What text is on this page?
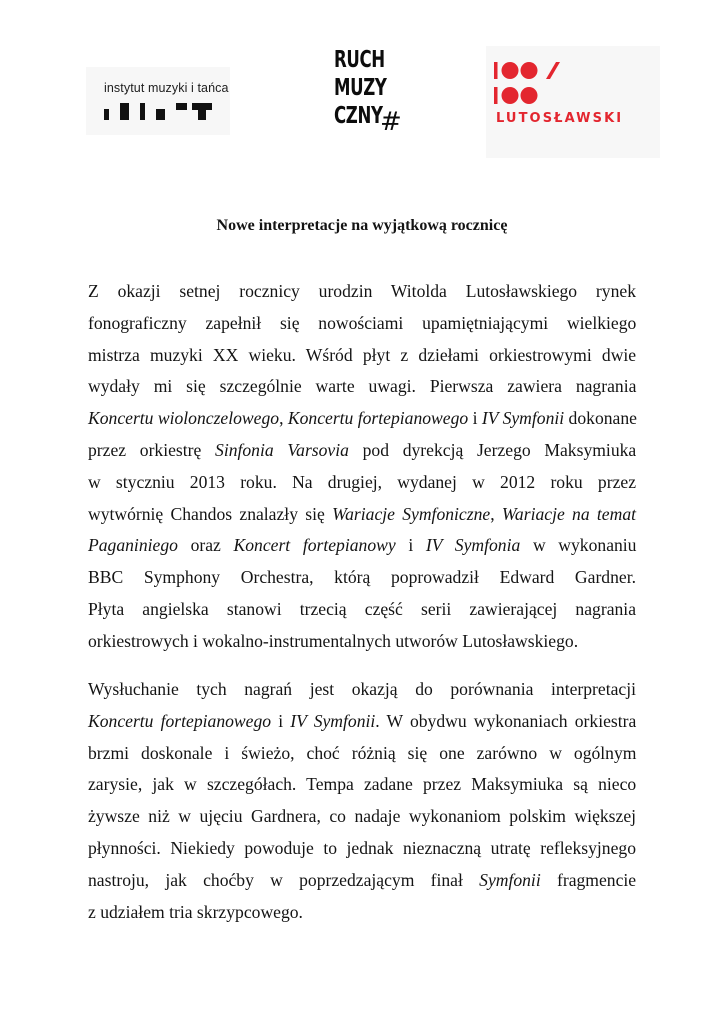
instytut muzyki i tańca
RUCH
MUZY
CZNY
#	LUTOSŁAWSKI
Nowe interpretacje na wyjątkową rocznicę
Z okazji setnej rocznicy urodzin Witolda Lutosławskiego rynek
fonograficzny zapełnił się nowościami upamiętniającymi wielkiego
mistrza muzyki XX wieku. Wśród płyt z dziełami orkiestrowymi dwie
wydały mi się szczególnie warte uwagi. Pierwsza zawiera nagrania
Koncertu wiolonczelowego, Koncertu fortepianowego i IV Symfonii dokonane
przez orkiestrę Sinfonia Varsovia pod dyrekcją Jerzego Maksymiuka
w styczniu 2013 roku. Na drugiej, wydanej w 2012 roku przez
wytwórnię Chandos znalazły się Wariacje Symfoniczne, Wariacje na temat
Paganiniego oraz Koncert fortepianowy i IV Symfonia w wykonaniu
BBC Symphony Orchestra, którą poprowadził Edward Gardner.
Płyta angielska stanowi trzecią część serii zawierającej nagrania
orkiestrowych i wokalno-instrumentalnych utworów Lutosławskiego.
Wysłuchanie tych nagrań jest okazją do porównania interpretacji
Koncertu fortepianowego i IV Symfonii. W obydwu wykonaniach orkiestra
brzmi doskonale i świeżo, choć różnią się one zarówno w ogólnym
zarysie, jak w szczegółach. Tempa zadane przez Maksymiuka są nieco
żywsze niż w ujęciu Gardnera, co nadaje wykonaniom polskim większej
płynności. Niekiedy powoduje to jednak nieznaczną utratę refleksyjnego
nastroju, jak choćby w poprzedzającym finał Symfonii fragmencie
z udziałem tria skrzypcowego.
